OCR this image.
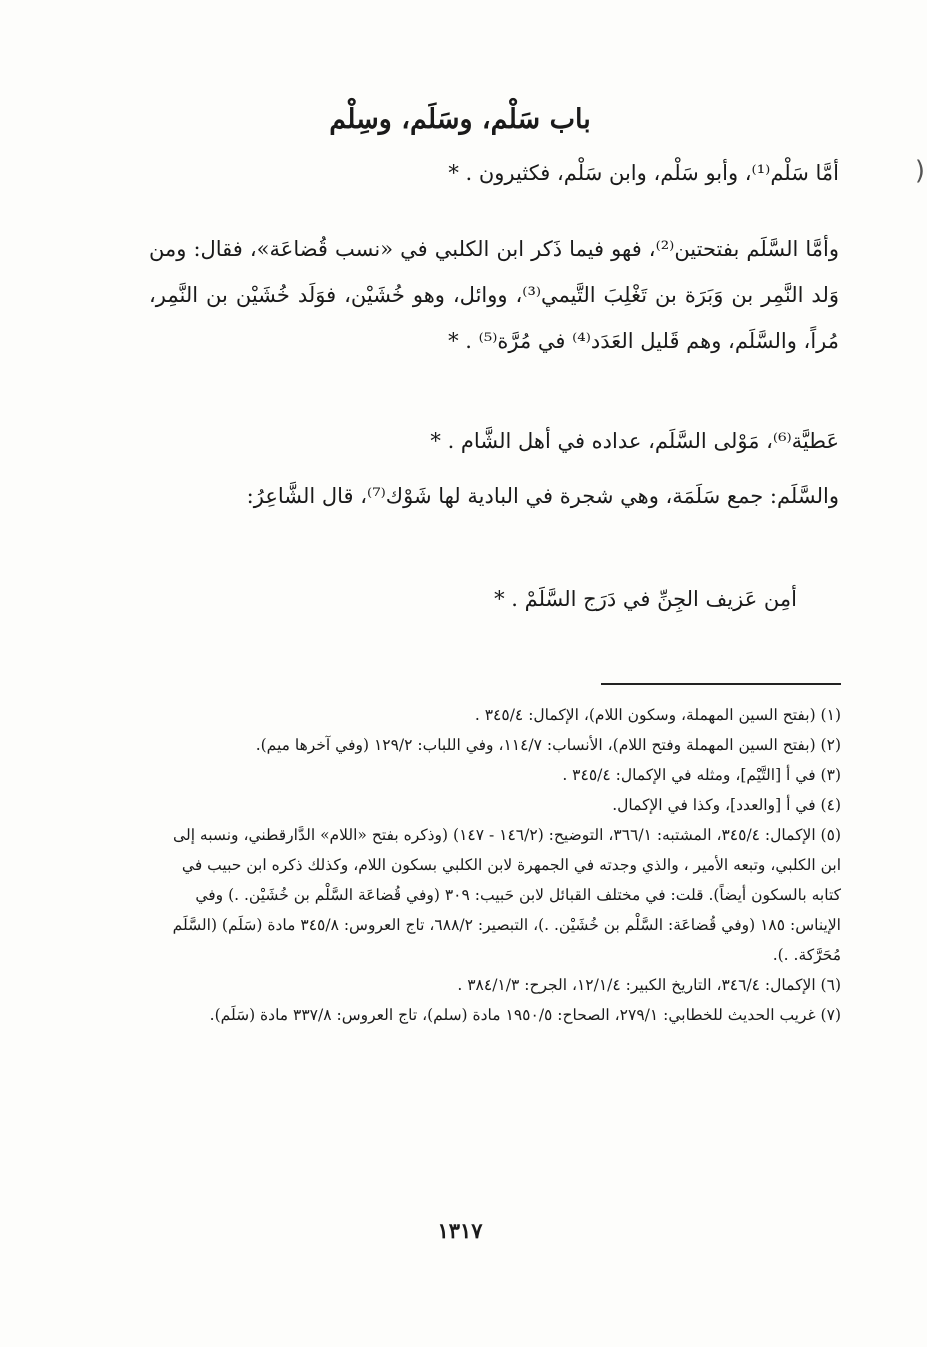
(
باب سَلْم، وسَلَم، وسِلْم

أمَّا سَلْم⁽¹⁾، وأبو سَلْم، وابن سَلْم، فكثيرون . *

وأمَّا السَّلَم بفتحتين⁽²⁾، فهو فيما ذَكر ابن الكلبي في «نسب قُضاعَة»، فقال: ومن وَلد النَّمِر بن وَبَرَة بن تَغْلِبَ التَّيمي⁽³⁾، ووائل، وهو خُشَيْن، فوَلَد خُشَيْن بن النَّمِر، مُراً، والسَّلَم، وهم قَليل العَدَد⁽⁴⁾ في مُرَّة⁽⁵⁾ . *

عَطيَّة⁽⁶⁾، مَوْلى السَّلَم، عداده في أهل الشَّام . *

والسَّلَم: جمع سَلَمَة، وهي شجرة في البادية لها شَوْك⁽⁷⁾، قال الشَّاعِرُ:

أمِن عَزيف الجِنِّ في دَرَج السَّلَمْ . *

(١) (بفتح السين المهملة، وسكون اللام)، الإكمال: ٣٤٥/٤ .
(٢) (بفتح السين المهملة وفتح اللام)، الأنساب: ١١٤/٧، وفي اللباب: ١٢٩/٢ (وفي آخرها ميم).
(٣) في أ [التَّيْم]، ومثله في الإكمال: ٣٤٥/٤ .
(٤) في أ [والعدد]، وكذا في الإكمال.
(٥) الإكمال: ٣٤٥/٤، المشتبه: ٣٦٦/١، التوضيح: (١٤٦/٢ - ١٤٧) (وذكره بفتح «اللام» الدَّارقطني، ونسبه إلى ابن الكلبي، وتبعه الأمير ، والذي وجدته في الجمهرة لابن الكلبي بسكون اللام، وكذلك ذكره ابن حبيب في كتابه بالسكون أيضاً). قلت: في مختلف القبائل لابن حَبيب: ٣٠٩ (وفي قُضاعَة السَّلْم بن خُشَيْن. .) وفي الإيناس: ١٨٥ (وفي قُضاعَة: السَّلْم بن خُشَيْن. .)، التبصير: ٦٨٨/٢، تاج العروس: ٣٤٥/٨ مادة (سَلَم) (السَّلَم مُحَرَّكة. .).
(٦) الإكمال: ٣٤٦/٤، التاريخ الكبير: ١٢/١/٤، الجرح: ٣٨٤/١/٣ .
(٧) غريب الحديث للخطابي: ٢٧٩/١، الصحاح: ١٩٥٠/٥ مادة (سلم)، تاج العروس: ٣٣٧/٨ مادة (سَلَم).
١٣١٧
